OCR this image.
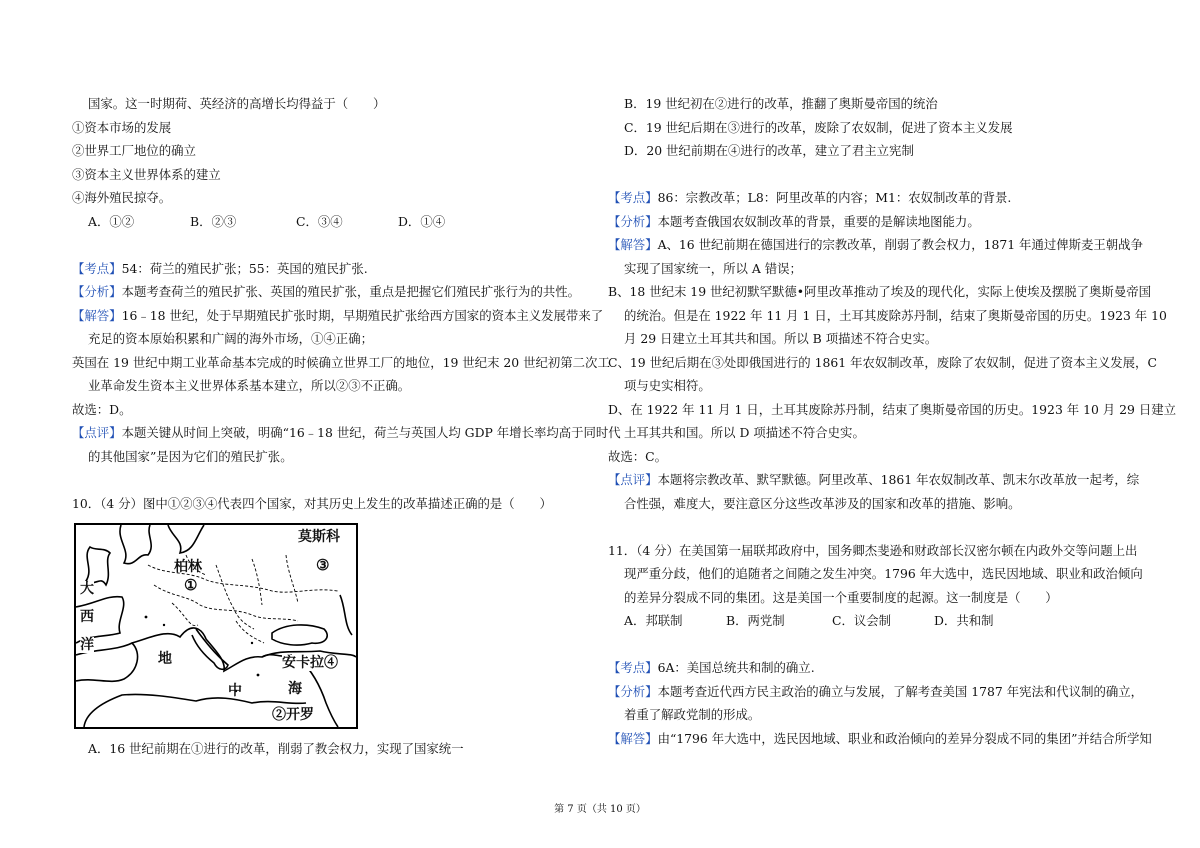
国家。这一时期荷、英经济的高增长均得益于（　　）
①资本市场的发展
②世界工厂地位的确立
③资本主义世界体系的建立
④海外殖民掠夺。
A．①②	B．②③	C．③④	D．①④
【考点】54：荷兰的殖民扩张；55：英国的殖民扩张.
【分析】本题考查荷兰的殖民扩张、英国的殖民扩张，重点是把握它们殖民扩张行为的共性。
【解答】16﹣18 世纪，处于早期殖民扩张时期，早期殖民扩张给西方国家的资本主义发展带来了
充足的资本原始积累和广阔的海外市场，①④正确；
英国在 19 世纪中期工业革命基本完成的时候确立世界工厂的地位，19 世纪末 20 世纪初第二次工
业革命发生资本主义世界体系基本建立，所以②③不正确。
故选：D。
【点评】本题关键从时间上突破，明确“16﹣18 世纪，荷兰与英国人均 GDP 年增长率均高于同时代
的其他国家”是因为它们的殖民扩张。
10．（4 分）图中①②③④代表四个国家，对其历史上发生的改革描述正确的是（　　）
莫斯科
柏林
①
③
大
西
洋
地
中	海
安卡拉④
②开罗
A．16 世纪前期在①进行的改革，削弱了教会权力，实现了国家统一
B．19 世纪初在②进行的改革，推翻了奥斯曼帝国的统治
C．19 世纪后期在③进行的改革，废除了农奴制，促进了资本主义发展
D．20 世纪前期在④进行的改革，建立了君主立宪制
【考点】86：宗教改革；L8：阿里改革的内容；M1：农奴制改革的背景.
【分析】本题考查俄国农奴制改革的背景，重要的是解读地图能力。
【解答】A、16 世纪前期在德国进行的宗教改革，削弱了教会权力，1871 年通过俾斯麦王朝战争
实现了国家统一，所以 A 错误；
B、18 世纪末 19 世纪初默罕默德•阿里改革推动了埃及的现代化，实际上使埃及摆脱了奥斯曼帝国
的统治。但是在 1922 年 11 月 1 日，土耳其废除苏丹制，结束了奥斯曼帝国的历史。1923 年 10
月 29 日建立土耳其共和国。所以 B 项描述不符合史实。
C、19 世纪后期在③处即俄国进行的 1861 年农奴制改革，废除了农奴制，促进了资本主义发展，C
项与史实相符。
D、在 1922 年 11 月 1 日，土耳其废除苏丹制，结束了奥斯曼帝国的历史。1923 年 10 月 29 日建立
土耳其共和国。所以 D 项描述不符合史实。
故选：C。
【点评】本题将宗教改革、默罕默德。阿里改革、1861 年农奴制改革、凯末尔改革放一起考，综
合性强，难度大，要注意区分这些改革涉及的国家和改革的措施、影响。
11．（4 分）在美国第一届联邦政府中，国务卿杰斐逊和财政部长汉密尔顿在内政外交等问题上出
现严重分歧，他们的追随者之间随之发生冲突。1796 年大选中，选民因地域、职业和政治倾向
的差异分裂成不同的集团。这是美国一个重要制度的起源。这一制度是（　　）
A．邦联制	B．两党制	C．议会制	D．共和制
【考点】6A：美国总统共和制的确立.
【分析】本题考查近代西方民主政治的确立与发展，了解考查美国 1787 年宪法和代议制的确立，
着重了解政党制的形成。
【解答】由“1796 年大选中，选民因地域、职业和政治倾向的差异分裂成不同的集团”并结合所学知
第 7 页（共 10 页）
